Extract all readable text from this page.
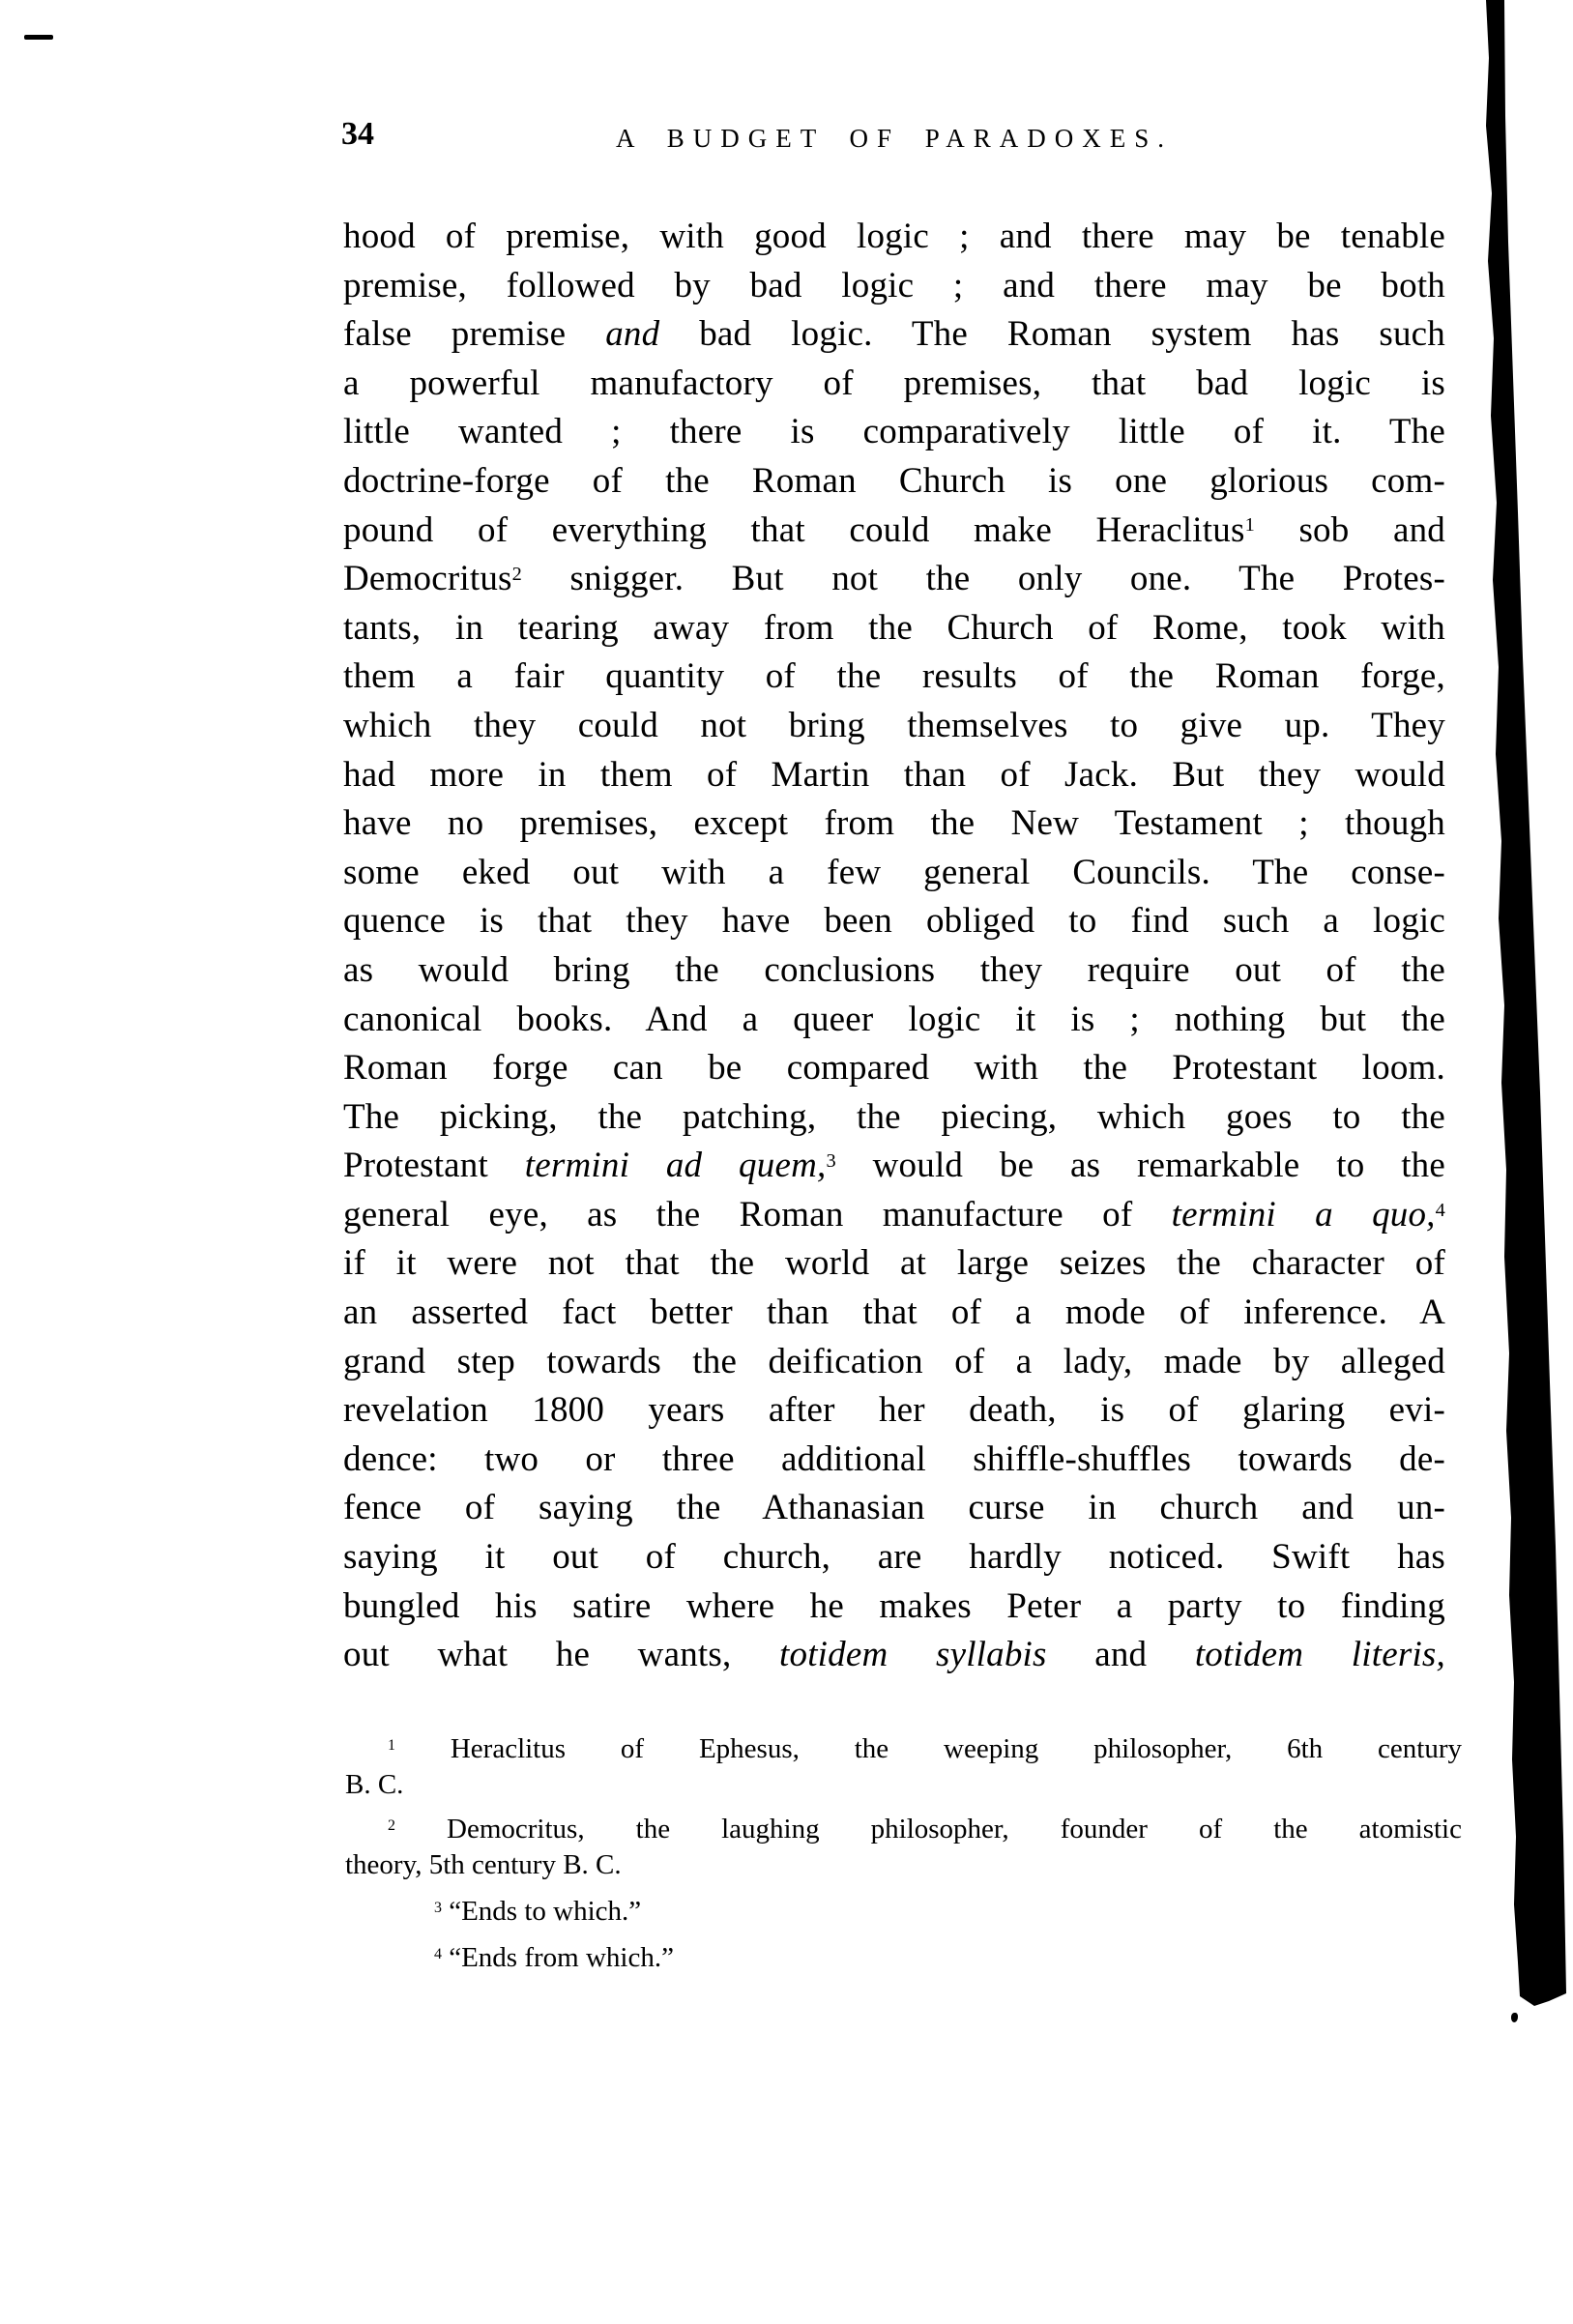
34	A BUDGET OF PARADOXES.
hood of premise, with good logic ; and there may be tenable
premise, followed by bad logic ; and there may be both
false premise and bad logic. The Roman system has such
a powerful manufactory of premises, that bad logic is
little wanted ; there is comparatively little of it. The
doctrine-forge of the Roman Church is one glorious com-
pound of everything that could make Heraclitus$^1$ sob and
Democritus$^2$ snigger. But not the only one. The Protes-
tants, in tearing away from the Church of Rome, took with
them a fair quantity of the results of the Roman forge,
which they could not bring themselves to give up. They
had more in them of Martin than of Jack. But they would
have no premises, except from the New Testament ; though
some eked out with a few general Councils. The conse-
quence is that they have been obliged to find such a logic
as would bring the conclusions they require out of the
canonical books. And a queer logic it is ; nothing but the
Roman forge can be compared with the Protestant loom.
The picking, the patching, the piecing, which goes to the
Protestant termini ad quem,$^3$ would be as remarkable to the
general eye, as the Roman manufacture of termini a quo,$^4$
if it were not that the world at large seizes the character of
an asserted fact better than that of a mode of inference. A
grand step towards the deification of a lady, made by alleged
revelation 1800 years after her death, is of glaring evi-
dence: two or three additional shiffle-shuffles towards de-
fence of saying the Athanasian curse in church and un-
saying it out of church, are hardly noticed. Swift has
bungled his satire where he makes Peter a party to finding
out what he wants, totidem syllabis and totidem literis,
$^1$ Heraclitus of Ephesus, the weeping philosopher, 6th century
B. C.
$^2$ Democritus, the laughing philosopher, founder of the atomistic
theory, 5th century B. C.
$^3$ “Ends to which.”
$^4$ “Ends from which.”
